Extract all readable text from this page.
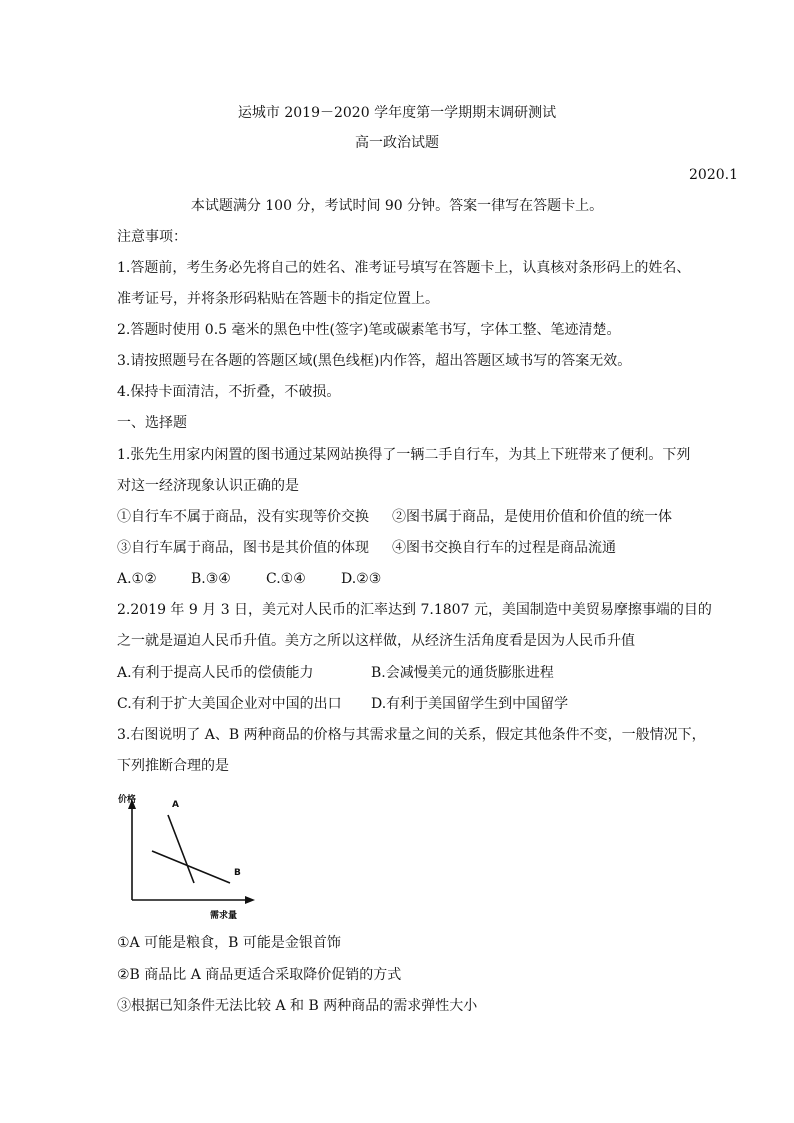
运城市 2019－2020 学年度第一学期期末调研测试
高一政治试题
2020.1
本试题满分 100 分，考试时间 90 分钟。答案一律写在答题卡上。
注意事项：
1.答题前，考生务必先将自己的姓名、准考证号填写在答题卡上，认真核对条形码上的姓名、
准考证号，并将条形码粘贴在答题卡的指定位置上。
2.答题时使用 0.5 毫米的黑色中性(签字)笔或碳素笔书写，字体工整、笔迹清楚。
3.请按照题号在各题的答题区域(黑色线框)内作答，超出答题区域书写的答案无效。
4.保持卡面清洁，不折叠，不破损。
一、选择题
1.张先生用家内闲置的图书通过某网站换得了一辆二手自行车，为其上下班带来了便利。下列
对这一经济现象认识正确的是
①自行车不属于商品，没有实现等价交换 ②图书属于商品，是使用价值和价值的统一体
③自行车属于商品，图书是其价值的体现 ④图书交换自行车的过程是商品流通
A.①② B.③④	C.①④	D.②③
2.2019 年 9 月 3 日，美元对人民币的汇率达到 7.1807 元，美国制造中美贸易摩擦事端的目的
之一就是逼迫人民币升值。美方之所以这样做，从经济生活角度看是因为人民币升值
A.有利于提高人民币的偿债能力	B.会减慢美元的通货膨胀进程
C.有利于扩大美国企业对中国的出口 D.有利于美国留学生到中国留学
3.右图说明了 A、B 两种商品的价格与其需求量之间的关系，假定其他条件不变，一般情况下，
下列推断合理的是
价格	A
B
需求量
①A 可能是粮食，B 可能是金银首饰
②B 商品比 A 商品更适合采取降价促销的方式
③根据已知条件无法比较 A 和 B 两种商品的需求弹性大小
